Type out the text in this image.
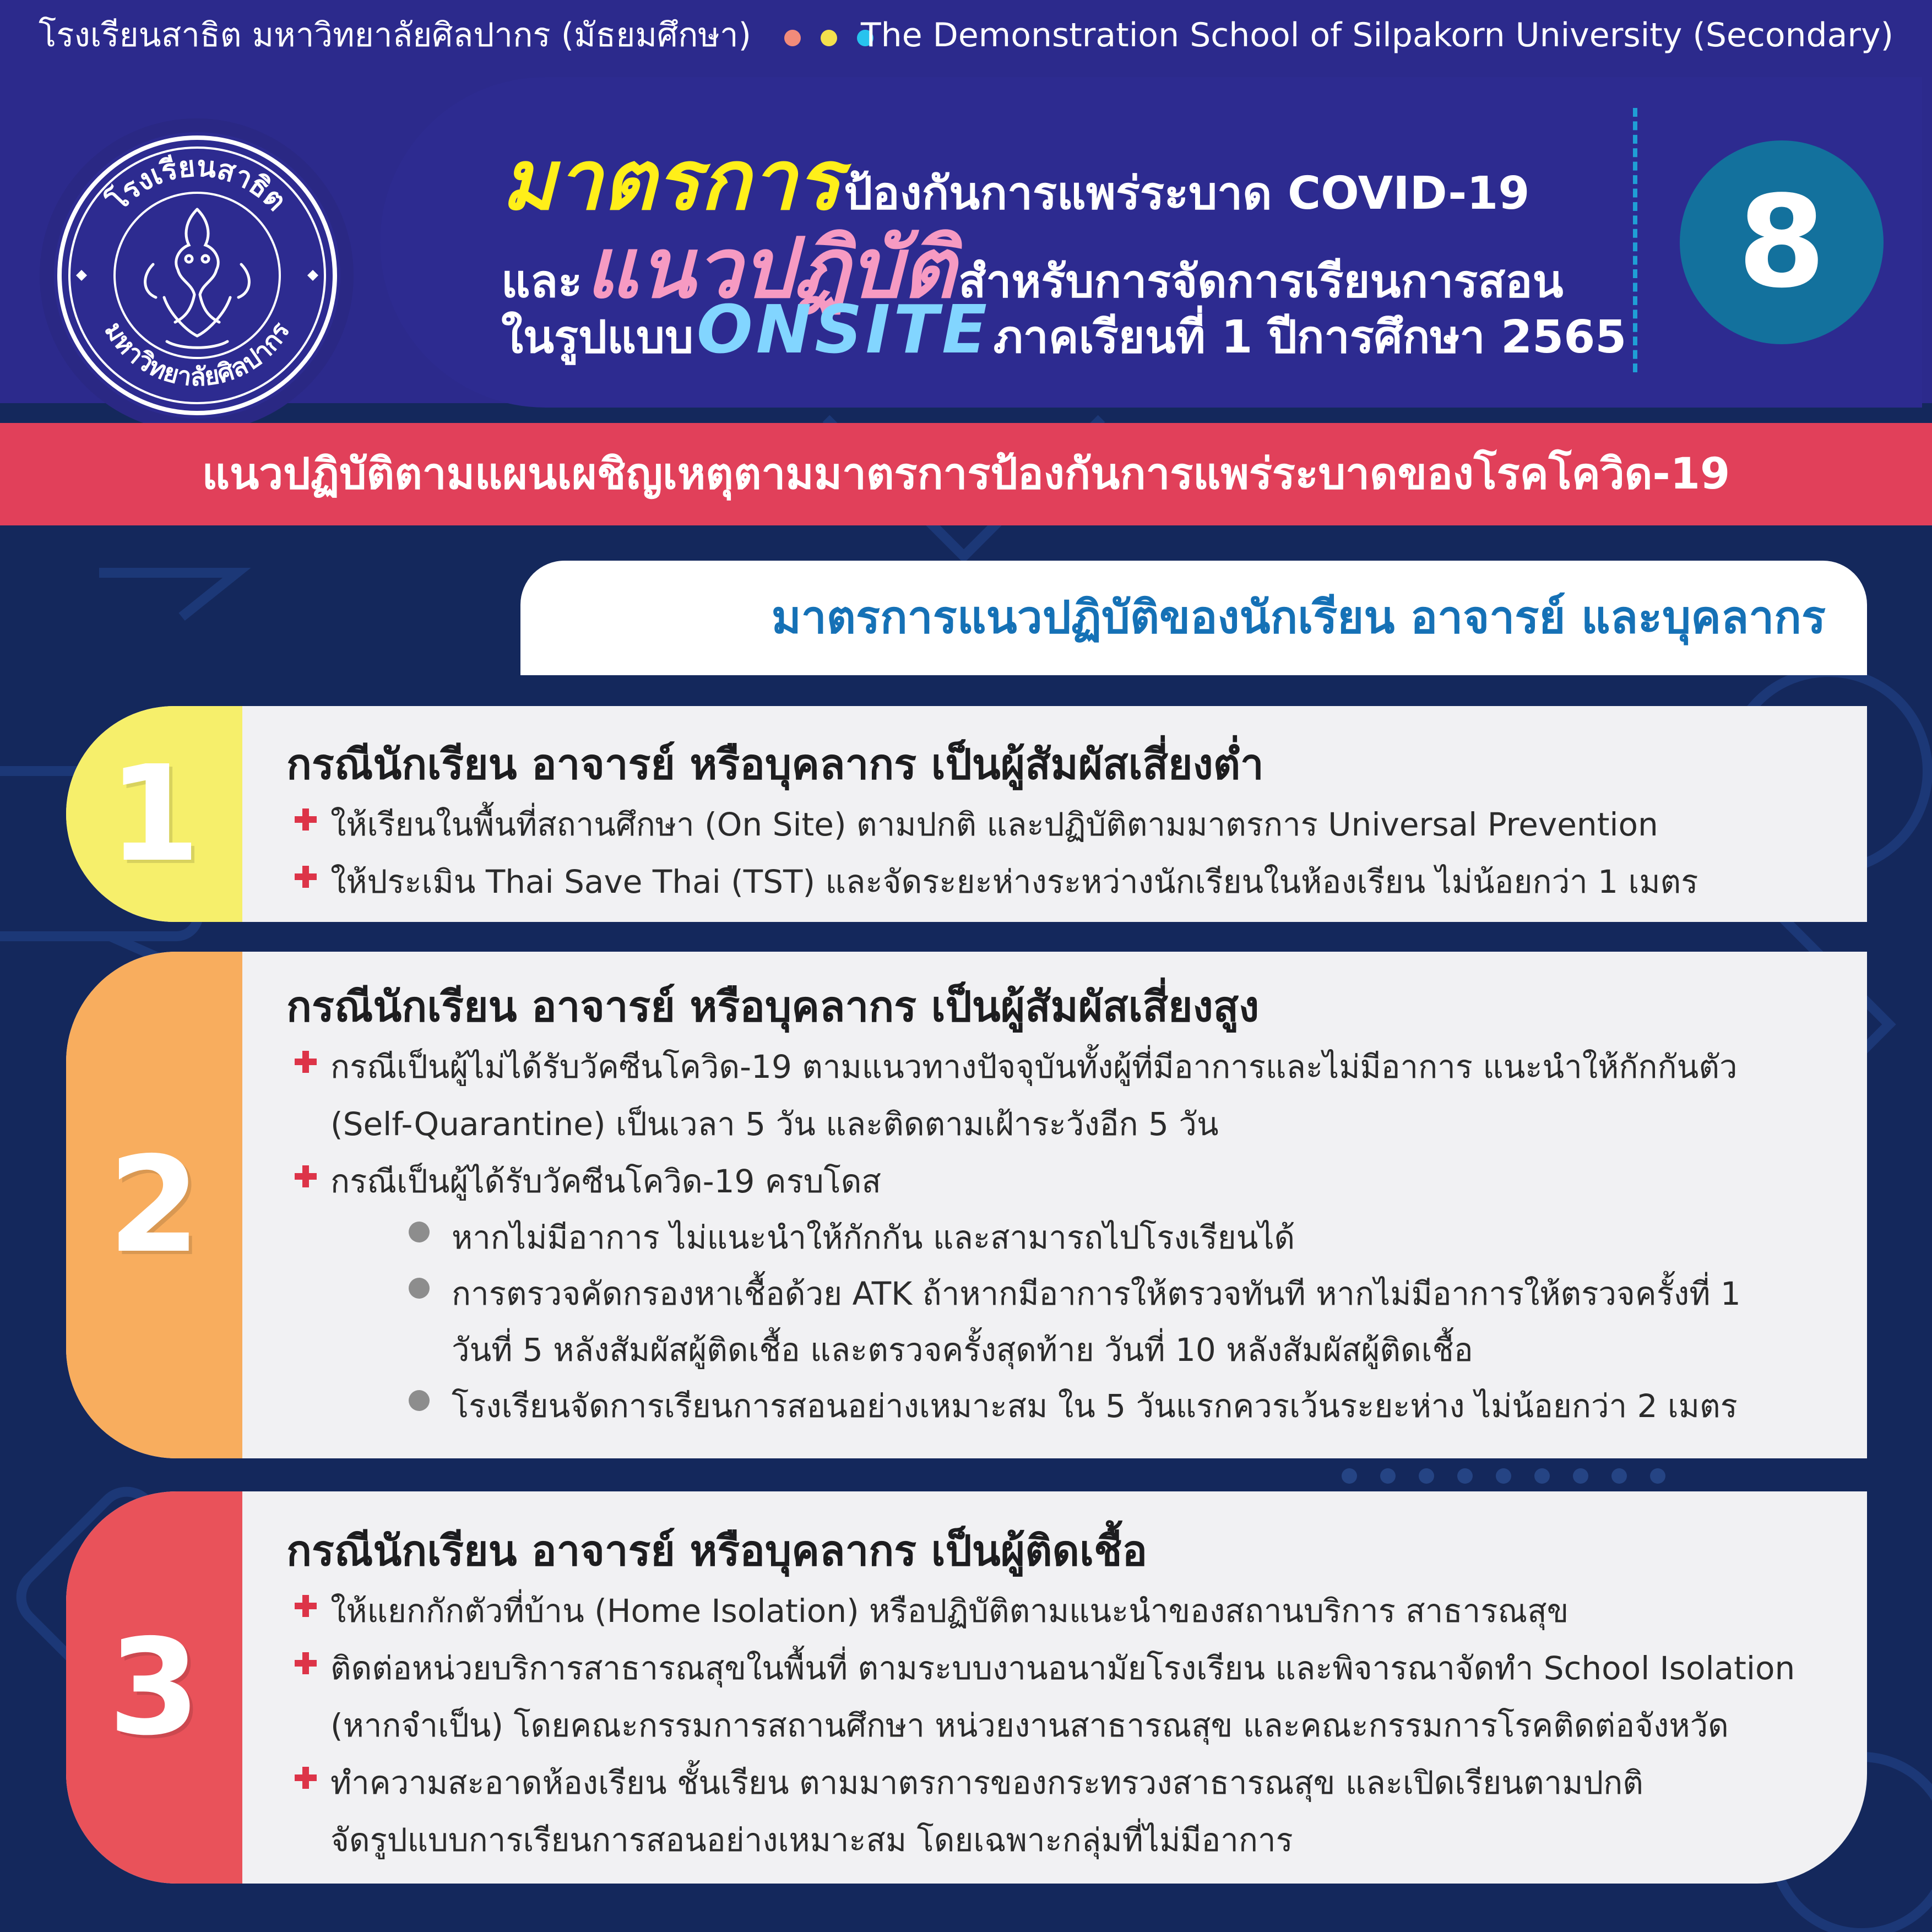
โรงเรียนสาธิต มหาวิทยาลัยศิลปากร (มัธยมศึกษา)	The Demonstration School of Silpakorn University (Secondary)
โรงเรียนสาธิต
มหาวิทยาลัยศิลปากร
มาตรการ ป้องกันการแพร่ระบาด COVID-19
และ แนวปฏิบัติ สำหรับการจัดการเรียนการสอน
ในรูปแบบ ONSITE ภาคเรียนที่ 1 ปีการศึกษา 2565
8
แนวปฏิบัติตามแผนเผชิญเหตุตามมาตรการป้องกันการแพร่ระบาดของโรคโควิด-19
มาตรการแนวปฏิบัติของนักเรียน อาจารย์ และบุคลากร
1	กรณีนักเรียน อาจารย์ หรือบุคลากร เป็นผู้สัมผัสเสี่ยงต่ำ
ให้เรียนในพื้นที่สถานศึกษา (On Site) ตามปกติ และปฏิบัติตามมาตรการ Universal Prevention
ให้ประเมิน Thai Save Thai (TST) และจัดระยะห่างระหว่างนักเรียนในห้องเรียน ไม่น้อยกว่า 1 เมตร
2
กรณีนักเรียน อาจารย์ หรือบุคลากร เป็นผู้สัมผัสเสี่ยงสูง
กรณีเป็นผู้ไม่ได้รับวัคซีนโควิด-19 ตามแนวทางปัจจุบันทั้งผู้ที่มีอาการและไม่มีอาการ แนะนำให้กักกันตัว
(Self-Quarantine) เป็นเวลา 5 วัน และติดตามเฝ้าระวังอีก 5 วัน
กรณีเป็นผู้ได้รับวัคซีนโควิด-19 ครบโดส
หากไม่มีอาการ ไม่แนะนำให้กักกัน และสามารถไปโรงเรียนได้
การตรวจคัดกรองหาเชื้อด้วย ATK ถ้าหากมีอาการให้ตรวจทันที หากไม่มีอาการให้ตรวจครั้งที่ 1
วันที่ 5 หลังสัมผัสผู้ติดเชื้อ และตรวจครั้งสุดท้าย วันที่ 10 หลังสัมผัสผู้ติดเชื้อ
โรงเรียนจัดการเรียนการสอนอย่างเหมาะสม ใน 5 วันแรกควรเว้นระยะห่าง ไม่น้อยกว่า 2 เมตร
3
กรณีนักเรียน อาจารย์ หรือบุคลากร เป็นผู้ติดเชื้อ
ให้แยกกักตัวที่บ้าน (Home Isolation) หรือปฏิบัติตามแนะนำของสถานบริการ สาธารณสุข
ติดต่อหน่วยบริการสาธารณสุขในพื้นที่ ตามระบบงานอนามัยโรงเรียน และพิจารณาจัดทำ School Isolation
(หากจำเป็น) โดยคณะกรรมการสถานศึกษา หน่วยงานสาธารณสุข และคณะกรรมการโรคติดต่อจังหวัด
ทำความสะอาดห้องเรียน ชั้นเรียน ตามมาตรการของกระทรวงสาธารณสุข และเปิดเรียนตามปกติ
จัดรูปแบบการเรียนการสอนอย่างเหมาะสม โดยเฉพาะกลุ่มที่ไม่มีอาการ
